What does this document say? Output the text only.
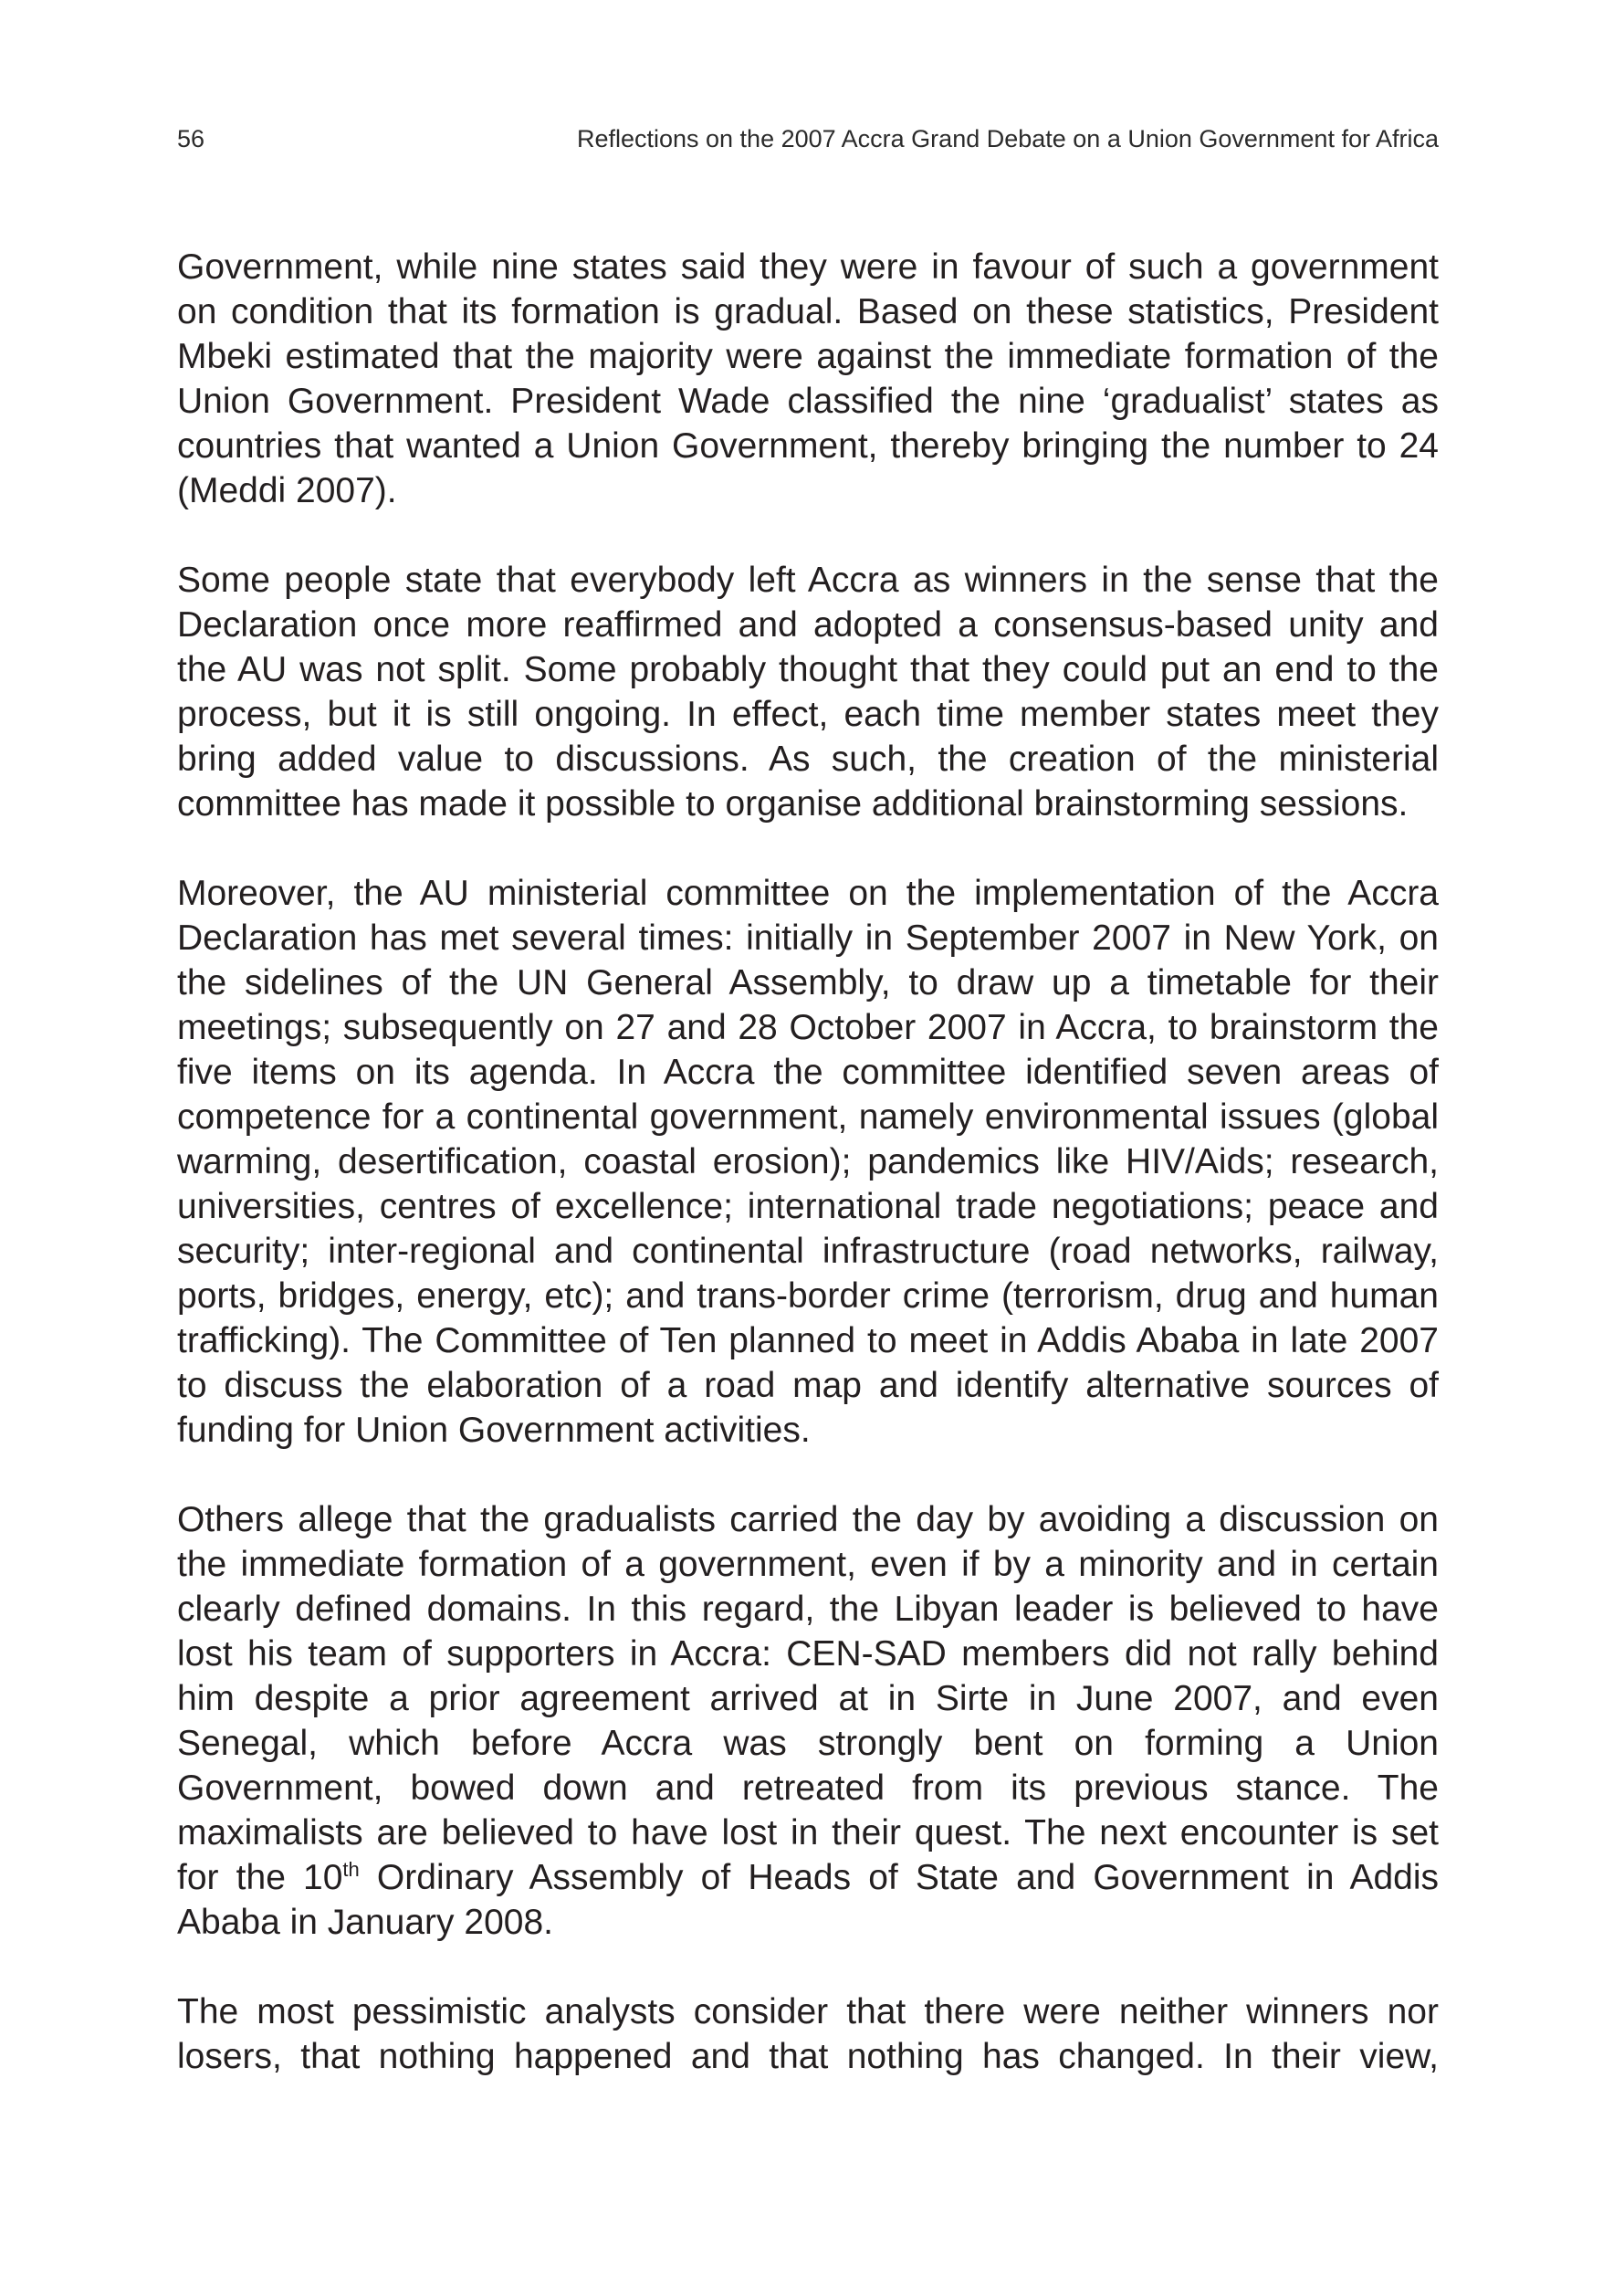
56	Reflections on the 2007 Accra Grand Debate on a Union Government for Africa

Government, while nine states said they were in favour of such a government on condition that its formation is gradual. Based on these statistics, President Mbeki estimated that the majority were against the immediate formation of the Union Government. President Wade classified the nine ‘gradualist’ states as countries that wanted a Union Government, thereby bringing the number to 24 (Meddi 2007).

Some people state that everybody left Accra as winners in the sense that the Declaration once more reaffirmed and adopted a consensus-based unity and the AU was not split. Some probably thought that they could put an end to the process, but it is still ongoing. In effect, each time member states meet they bring added value to discussions. As such, the creation of the ministerial committee has made it possible to organise additional brainstorming sessions.

Moreover, the AU ministerial committee on the implementation of the Accra Declaration has met several times: initially in September 2007 in New York, on the sidelines of the UN General Assembly, to draw up a timetable for their meetings; subsequently on 27 and 28 October 2007 in Accra, to brainstorm the five items on its agenda. In Accra the committee identified seven areas of competence for a continental government, namely environmental issues (global warming, desertification, coastal erosion); pandemics like HIV/Aids; research, universities, centres of excellence; international trade negotiations; peace and security; inter-regional and continental infrastructure (road networks, railway, ports, bridges, energy, etc); and trans-border crime (terrorism, drug and human trafficking). The Committee of Ten planned to meet in Addis Ababa in late 2007 to discuss the elaboration of a road map and identify alternative sources of funding for Union Government activities.

Others allege that the gradualists carried the day by avoiding a discussion on the immediate formation of a government, even if by a minority and in certain clearly defined domains. In this regard, the Libyan leader is believed to have lost his team of supporters in Accra: CEN-SAD members did not rally behind him despite a prior agreement arrived at in Sirte in June 2007, and even Senegal, which before Accra was strongly bent on forming a Union Government, bowed down and retreated from its previous stance. The maximalists are believed to have lost in their quest. The next encounter is set for the 10th Ordinary Assembly of Heads of State and Government in Addis Ababa in January 2008.

The most pessimistic analysts consider that there were neither winners nor losers, that nothing happened and that nothing has changed. In their view,
